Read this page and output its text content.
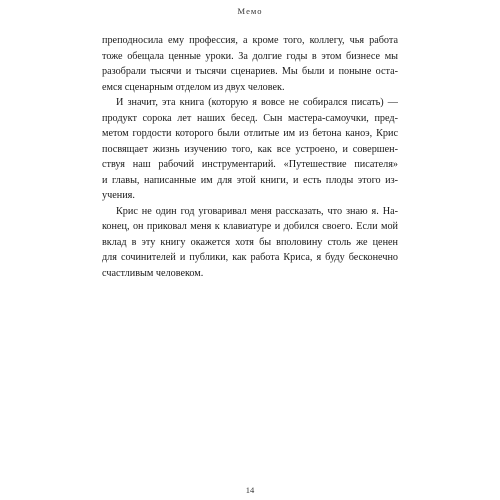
Meмo
преподносила ему профессия, а кроме того, коллегу, чья работа
тоже обещала ценные уроки. За долгие годы в этом бизнесе мы
разобрали тысячи и тысячи сценариев. Мы были и поныне оста-
емся сценарным отделом из двух человек.
И значит, эта книга (которую я вовсе не собирался писать) —
продукт сорока лет наших бесед. Сын мастера-самоучки, пред-
метом гордости которого были отлитые им из бетона каноэ, Крис
посвящает жизнь изучению того, как все устроено, и совершен-
ствуя наш рабочий инструментарий. «Путешествие писателя»
и главы, написанные им для этой книги, и есть плоды этого из-
учения.
Крис не один год уговаривал меня рассказать, что знаю я. На-
конец, он приковал меня к клавиатуре и добился своего. Если мой
вклад в эту книгу окажется хотя бы вполовину столь же ценен
для сочинителей и публики, как работа Криса, я буду бесконечно
счастливым человеком.
14
